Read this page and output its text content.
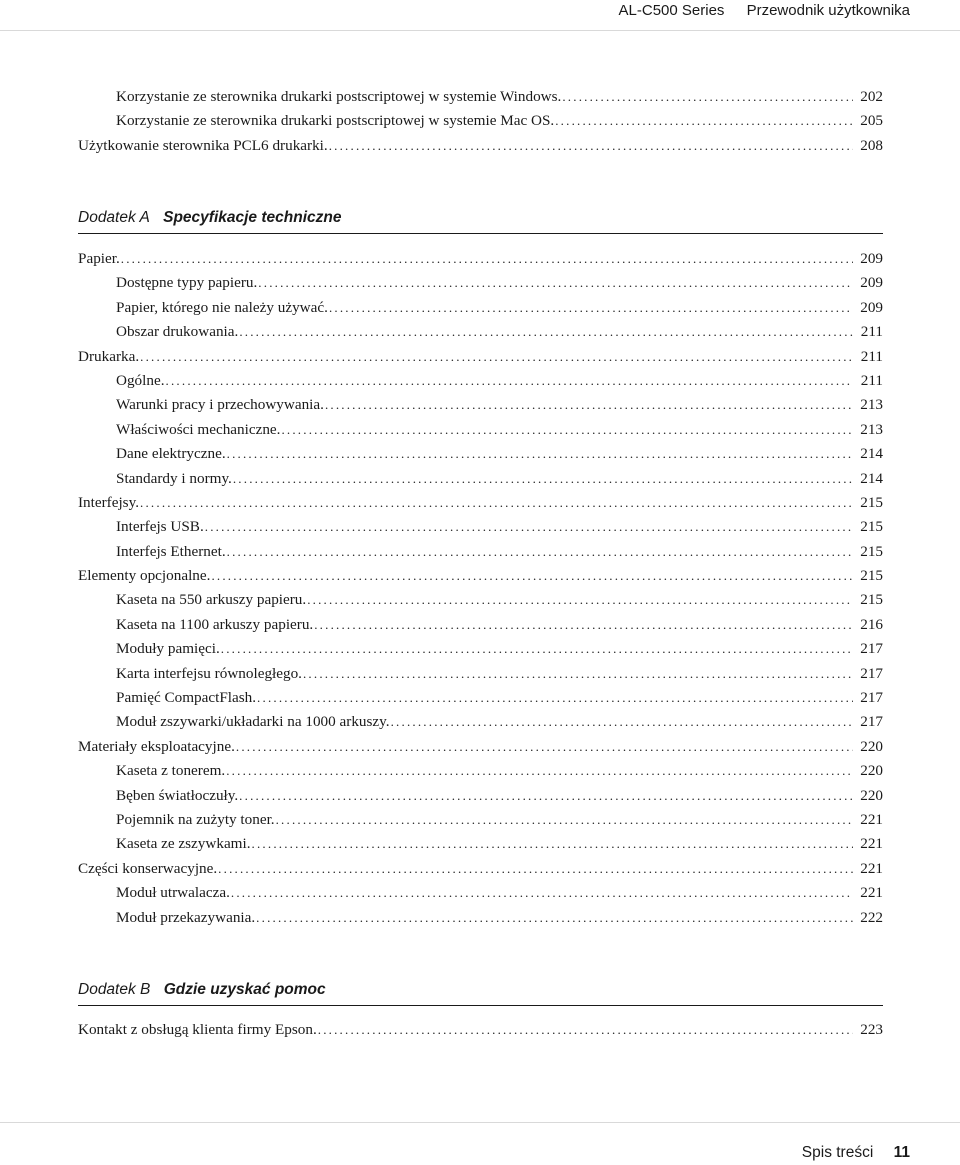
AL-C500 Series Przewodnik użytkownika
Korzystanie ze sterownika drukarki postscriptowej w systemie Windows. .....	202
Korzystanie ze sterownika drukarki postscriptowej w systemie Mac OS. .....	205
Użytkowanie sterownika PCL6 drukarki. .....	208
Dodatek A Specyfikacje techniczne
Papier. .....	209
Dostępne typy papieru. .....	209
Papier, którego nie należy używać. .....	209
Obszar drukowania. .....	211
Drukarka. .....	211
Ogólne. .....	211
Warunki pracy i przechowywania. .....	213
Właściwości mechaniczne. .....	213
Dane elektryczne. .....	214
Standardy i normy. .....	214
Interfejsy. .....	215
Interfejs USB. .....	215
Interfejs Ethernet. .....	215
Elementy opcjonalne. .....	215
Kaseta na 550 arkuszy papieru. .....	215
Kaseta na 1100 arkuszy papieru. .....	216
Moduły pamięci. .....	217
Karta interfejsu równoległego. .....	217
Pamięć CompactFlash. .....	217
Moduł zszywarki/układarki na 1000 arkuszy. .....	217
Materiały eksploatacyjne. .....	220
Kaseta z tonerem. .....	220
Bęben światłoczuły. .....	220
Pojemnik na zużyty toner. .....	221
Kaseta ze zszywkami. .....	221
Części konserwacyjne. .....	221
Moduł utrwalacza. .....	221
Moduł przekazywania. .....	222
Dodatek B Gdzie uzyskać pomoc
Kontakt z obsługą klienta firmy Epson. .....	223
Spis treści 11
